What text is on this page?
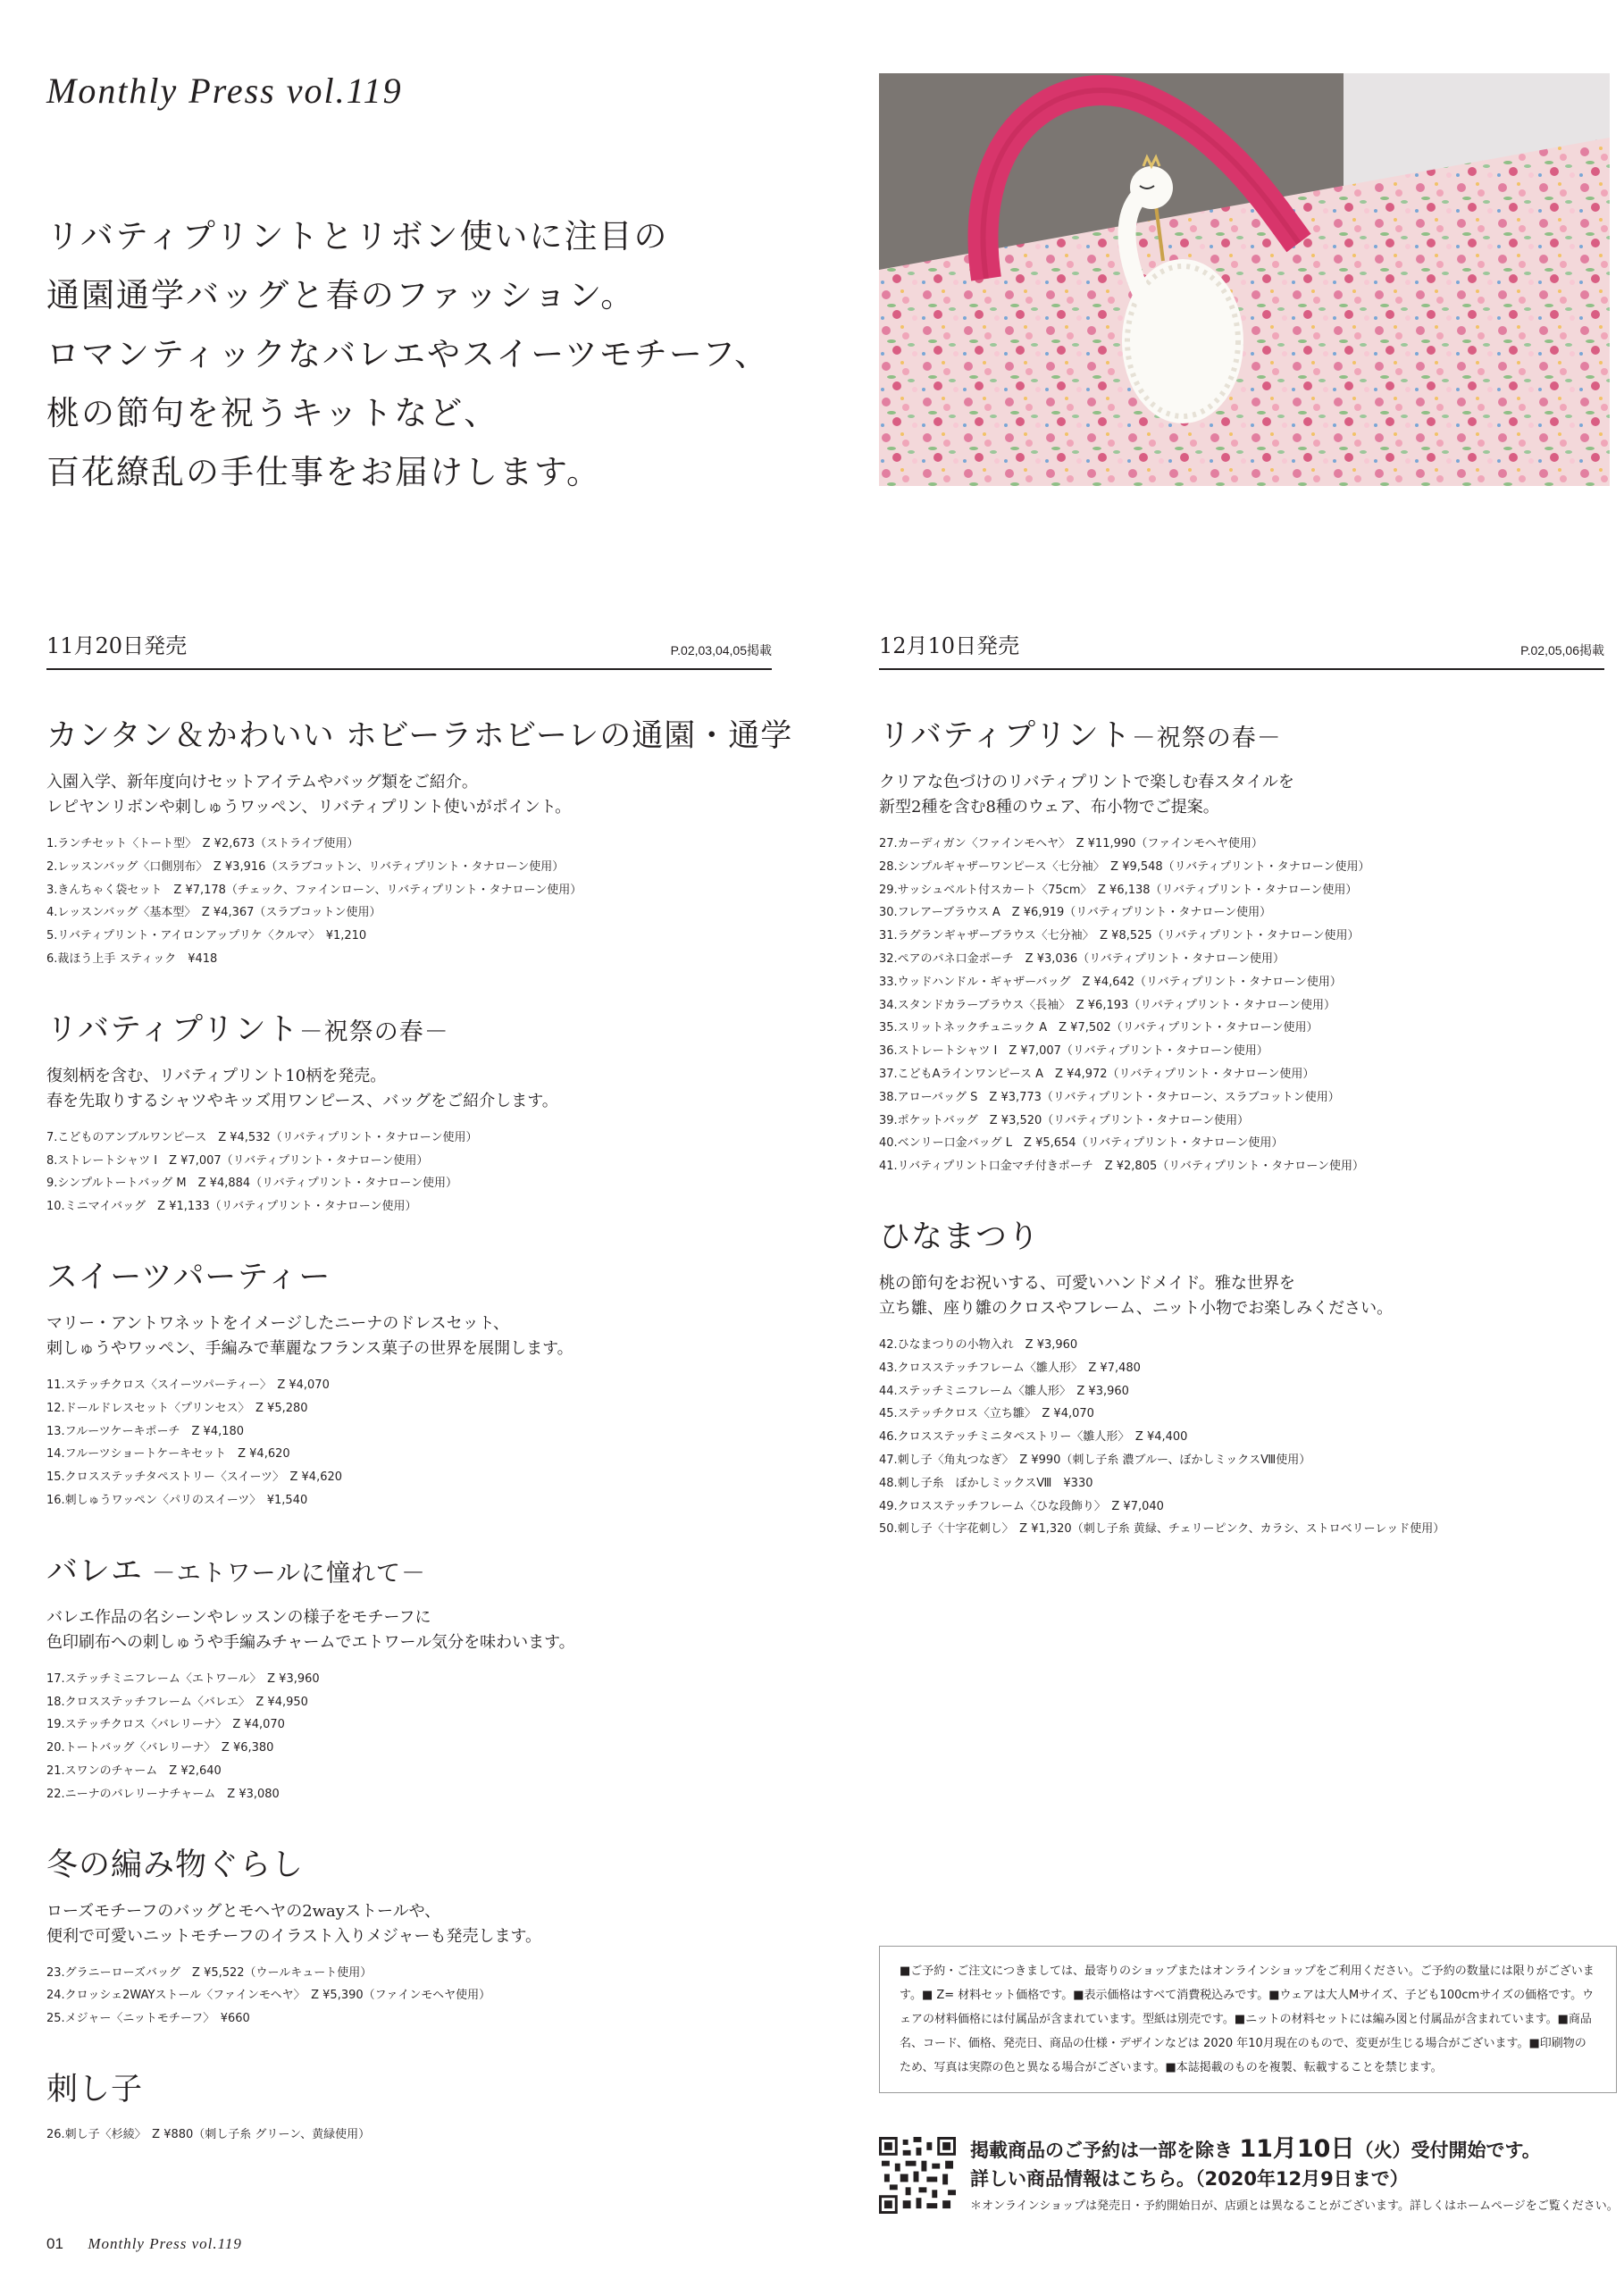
Monthly Press vol.119
リバティプリントとリボン使いに注目の
通園通学バッグと春のファッション。
ロマンティックなバレエやスイーツモチーフ、
桃の節句を祝うキットなど、
百花繚乱の手仕事をお届けします。
11月20日発売	P.02,03,04,05掲載
カンタン＆かわいい ホビーラホビーレの通園・通学
入園入学、新年度向けセットアイテムやバッグ類をご紹介。
レピヤンリボンや刺しゅうワッペン、リバティプリント使いがポイント。
1.ランチセット〈トート型〉　Z ¥2,673（ストライプ使用）
2.レッスンバッグ〈口側別布〉　Z ¥3,916（スラブコットン、リバティプリント・タナローン使用）
3.きんちゃく袋セット　Z ¥7,178（チェック、ファインローン、リバティプリント・タナローン使用）
4.レッスンバッグ〈基本型〉　Z ¥4,367（スラブコットン使用）
5.リバティプリント・アイロンアップリケ〈クルマ〉　¥1,210
6.裁ほう上手 スティック　¥418
リバティプリント－祝祭の春－
復刻柄を含む、リバティプリント10柄を発売。
春を先取りするシャツやキッズ用ワンピース、バッグをご紹介します。
7.こどものアンブルワンピース　Z ¥4,532（リバティプリント・タナローン使用）
8.ストレートシャツ Ⅰ　Z ¥7,007（リバティプリント・タナローン使用）
9.シンプルトートバッグ M　Z ¥4,884（リバティプリント・タナローン使用）
10.ミニマイバッグ　Z ¥1,133（リバティプリント・タナローン使用）
スイーツパーティー
マリー・アントワネットをイメージしたニーナのドレスセット、
刺しゅうやワッペン、手編みで華麗なフランス菓子の世界を展開します。
11.ステッチクロス〈スイーツパーティー〉　Z ¥4,070
12.ドールドレスセット〈プリンセス〉　Z ¥5,280
13.フルーツケーキポーチ　Z ¥4,180
14.フルーツショートケーキセット　Z ¥4,620
15.クロスステッチタペストリー〈スイーツ〉　Z ¥4,620
16.刺しゅうワッペン〈パリのスイーツ〉　¥1,540
バレエ －エトワールに憧れて－
バレエ作品の名シーンやレッスンの様子をモチーフに
色印刷布への刺しゅうや手編みチャームでエトワール気分を味わいます。
17.ステッチミニフレーム〈エトワール〉　Z ¥3,960
18.クロスステッチフレーム〈バレエ〉　Z ¥4,950
19.ステッチクロス〈バレリーナ〉　Z ¥4,070
20.トートバッグ〈バレリーナ〉　Z ¥6,380
21.スワンのチャーム　Z ¥2,640
22.ニーナのバレリーナチャーム　Z ¥3,080
冬の編み物ぐらし
ローズモチーフのバッグとモヘヤの2wayストールや、
便利で可愛いニットモチーフのイラスト入りメジャーも発売します。
23.グラニーローズバッグ　Z ¥5,522（ウールキュート使用）
24.クロッシェ2WAYストール〈ファインモヘヤ〉　Z ¥5,390（ファインモヘヤ使用）
25.メジャー〈ニットモチーフ〉　¥660
刺し子
26.刺し子〈杉綾〉　Z ¥880（刺し子糸 グリーン、黄緑使用）
12月10日発売	P.02,05,06掲載
リバティプリント－祝祭の春－
クリアな色づけのリバティプリントで楽しむ春スタイルを
新型2種を含む8種のウェア、布小物でご提案。
27.カーディガン〈ファインモヘヤ〉　Z ¥11,990（ファインモヘヤ使用）
28.シンプルギャザーワンピース〈七分袖〉　Z ¥9,548（リバティプリント・タナローン使用）
29.サッシュベルト付スカート〈75cm〉　Z ¥6,138（リバティプリント・タナローン使用）
30.フレアーブラウス A　Z ¥6,919（リバティプリント・タナローン使用）
31.ラグランギャザーブラウス〈七分袖〉　Z ¥8,525（リバティプリント・タナローン使用）
32.ペアのバネ口金ポーチ　Z ¥3,036（リバティプリント・タナローン使用）
33.ウッドハンドル・ギャザーバッグ　Z ¥4,642（リバティプリント・タナローン使用）
34.スタンドカラーブラウス〈長袖〉　Z ¥6,193（リバティプリント・タナローン使用）
35.スリットネックチュニック A　Z ¥7,502（リバティプリント・タナローン使用）
36.ストレートシャツ Ⅰ　Z ¥7,007（リバティプリント・タナローン使用）
37.こどもAラインワンピース A　Z ¥4,972（リバティプリント・タナローン使用）
38.アローバッグ S　Z ¥3,773（リバティプリント・タナローン、スラブコットン使用）
39.ポケットバッグ　Z ¥3,520（リバティプリント・タナローン使用）
40.ベンリー口金バッグ L　Z ¥5,654（リバティプリント・タナローン使用）
41.リバティプリント口金マチ付きポーチ　Z ¥2,805（リバティプリント・タナローン使用）
ひなまつり
桃の節句をお祝いする、可愛いハンドメイド。雅な世界を
立ち雛、座り雛のクロスやフレーム、ニット小物でお楽しみください。
42.ひなまつりの小物入れ　Z ¥3,960
43.クロスステッチフレーム〈雛人形〉　Z ¥7,480
44.ステッチミニフレーム〈雛人形〉　Z ¥3,960
45.ステッチクロス〈立ち雛〉　Z ¥4,070
46.クロスステッチミニタペストリー〈雛人形〉　Z ¥4,400
47.刺し子〈角丸つなぎ〉　Z ¥990（刺し子糸 濃ブルー、ぼかしミックスⅧ使用）
48.刺し子糸　ぼかしミックスⅧ　¥330
49.クロスステッチフレーム〈ひな段飾り〉　Z ¥7,040
50.刺し子〈十字花刺し〉　Z ¥1,320（刺し子糸 黄緑、チェリーピンク、カラシ、ストロベリーレッド使用）
■ご予約・ご注文につきましては、最寄りのショップまたはオンラインショップをご利用ください。ご予約の数量には限りがございます。■ Z= 材料セット価格です。■表示価格はすべて消費税込みです。■ウェアは大人Mサイズ、子ども100cmサイズの価格です。ウェアの材料価格には付属品が含まれています。型紙は別売です。■ニットの材料セットには編み図と付属品が含まれています。■商品名、コード、価格、発売日、商品の仕様・デザインなどは 2020 年10月現在のもので、変更が生じる場合がございます。■印刷物のため、写真は実際の色と異なる場合がございます。■本誌掲載のものを複製、転載することを禁じます。
掲載商品のご予約は一部を除き 11月10日（火）受付開始です。
詳しい商品情報はこちら。（2020年12月9日まで）
＊オンラインショップは発売日・予約開始日が、店頭とは異なることがございます。詳しくはホームページをご覧ください。
01 Monthly Press vol.119
